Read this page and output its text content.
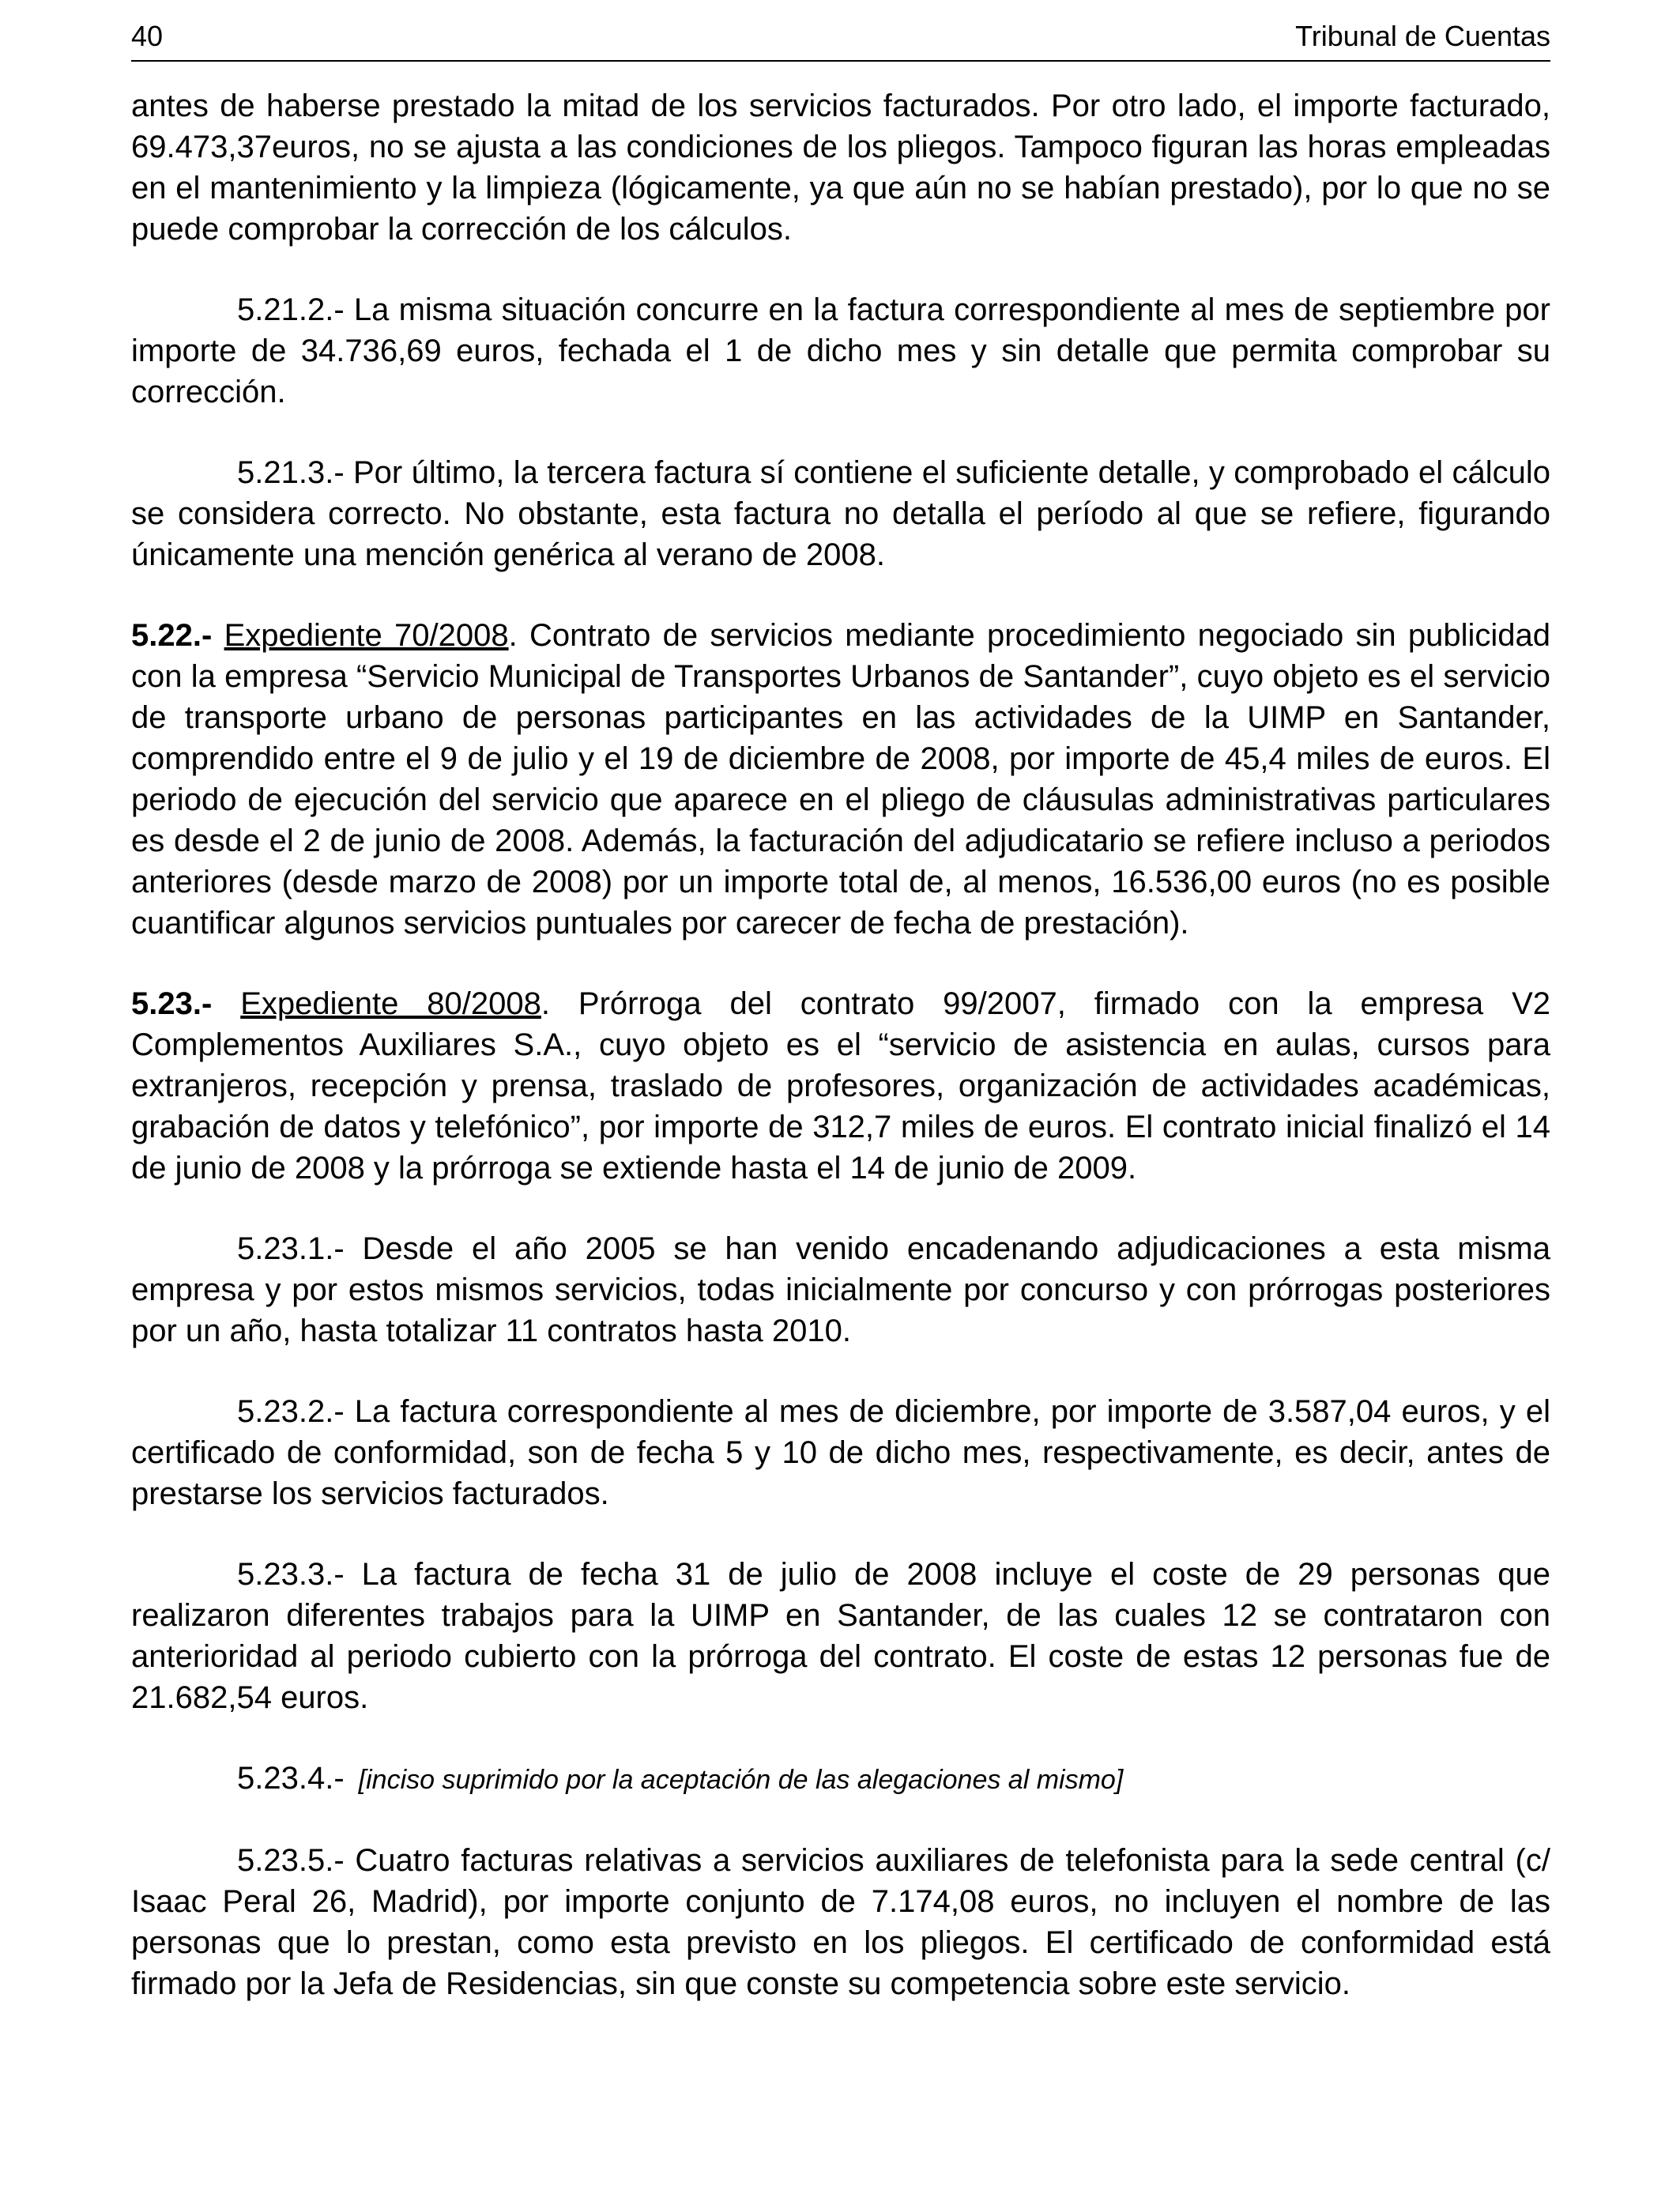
40	Tribunal de Cuentas

antes de haberse prestado la mitad de los servicios facturados. Por otro lado, el importe facturado, 69.473,37euros, no se ajusta a las condiciones de los pliegos. Tampoco figuran las horas empleadas en el mantenimiento y la limpieza (lógicamente, ya que aún no se habían prestado), por lo que no se puede comprobar la corrección de los cálculos.

5.21.2.- La misma situación concurre en la factura correspondiente al mes de septiembre por importe de 34.736,69 euros, fechada el 1 de dicho mes y sin detalle que permita comprobar su corrección.

5.21.3.- Por último, la tercera factura sí contiene el suficiente detalle, y comprobado el cálculo se considera correcto. No obstante, esta factura no detalla el período al que se refiere, figurando únicamente una mención genérica al verano de 2008.

5.22.- Expediente 70/2008. Contrato de servicios mediante procedimiento negociado sin publicidad con la empresa “Servicio Municipal de Transportes Urbanos de Santander”, cuyo objeto es el servicio de transporte urbano de personas participantes en las actividades de la UIMP en Santander, comprendido entre el 9 de julio y el 19 de diciembre de 2008, por importe de 45,4 miles de euros. El periodo de ejecución del servicio que aparece en el pliego de cláusulas administrativas particulares es desde el 2 de junio de 2008. Además, la facturación del adjudicatario se refiere incluso a periodos anteriores (desde marzo de 2008) por un importe total de, al menos, 16.536,00 euros (no es posible cuantificar algunos servicios puntuales por carecer de fecha de prestación).

5.23.- Expediente 80/2008. Prórroga del contrato 99/2007, firmado con la empresa V2 Complementos Auxiliares S.A., cuyo objeto es el “servicio de asistencia en aulas, cursos para extranjeros, recepción y prensa, traslado de profesores, organización de actividades académicas, grabación de datos y telefónico”, por importe de 312,7 miles de euros. El contrato inicial finalizó el 14 de junio de 2008 y la prórroga se extiende hasta el 14 de junio de 2009.

5.23.1.- Desde el año 2005 se han venido encadenando adjudicaciones a esta misma empresa y por estos mismos servicios, todas inicialmente por concurso y con prórrogas posteriores por un año, hasta totalizar 11 contratos hasta 2010.

5.23.2.- La factura correspondiente al mes de diciembre, por importe de 3.587,04 euros, y el certificado de conformidad, son de fecha 5 y 10 de dicho mes, respectivamente, es decir, antes de prestarse los servicios facturados.

5.23.3.- La factura de fecha 31 de julio de 2008 incluye el coste de 29 personas que realizaron diferentes trabajos para la UIMP en Santander, de las cuales 12 se contrataron con anterioridad al periodo cubierto con la prórroga del contrato. El coste de estas 12 personas fue de 21.682,54 euros.

5.23.4.- [inciso suprimido por la aceptación de las alegaciones al mismo]

5.23.5.- Cuatro facturas relativas a servicios auxiliares de telefonista para la sede central (c/ Isaac Peral 26, Madrid), por importe conjunto de 7.174,08 euros, no incluyen el nombre de las personas que lo prestan, como esta previsto en los pliegos. El certificado de conformidad está firmado por la Jefa de Residencias, sin que conste su competencia sobre este servicio.
